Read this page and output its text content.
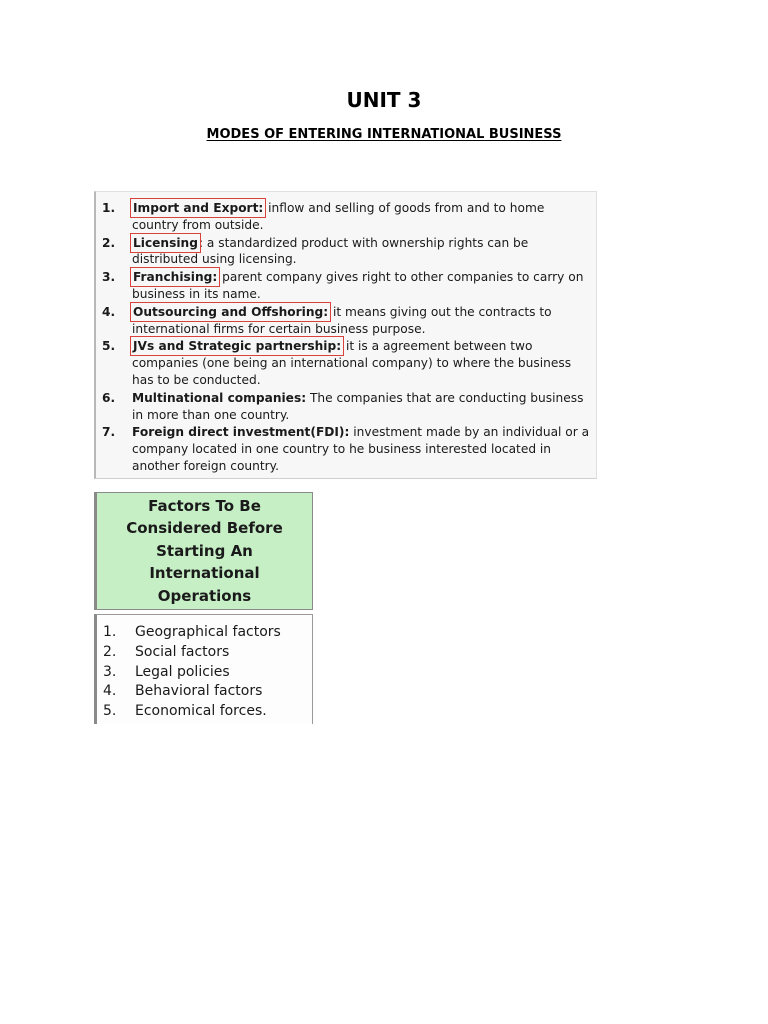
UNIT 3
MODES OF ENTERING INTERNATIONAL BUSINESS
1. Import and Export: inflow and selling of goods from and to home country from outside.
2. Licensing: a standardized product with ownership rights can be distributed using licensing.
3. Franchising: parent company gives right to other companies to carry on business in its name.
4. Outsourcing and Offshoring: it means giving out the contracts to international firms for certain business purpose.
5. JVs and Strategic partnership: it is a agreement between two companies (one being an international company) to where the business has to be conducted.
6. Multinational companies: The companies that are conducting business in more than one country.
7. Foreign direct investment(FDI): investment made by an individual or a company located in one country to he business interested located in another foreign country.
Factors To Be Considered Before Starting An International Operations
1. Geographical factors
2. Social factors
3. Legal policies
4. Behavioral factors
5. Economical forces.
